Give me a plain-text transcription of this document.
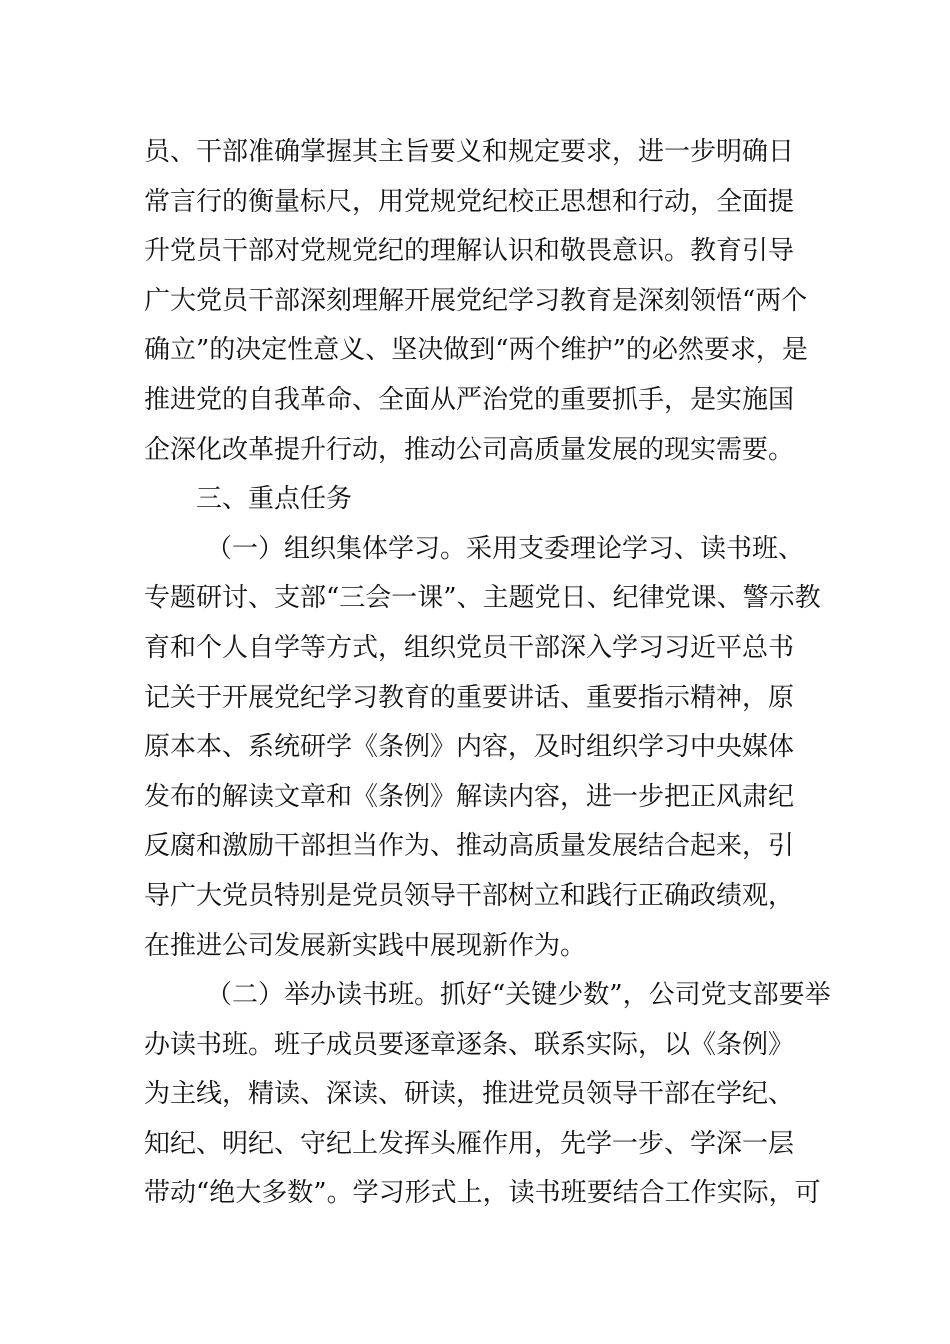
员、干部准确掌握其主旨要义和规定要求，进一步明确日
常言行的衡量标尺，用党规党纪校正思想和行动，全面提
升党员干部对党规党纪的理解认识和敬畏意识。教育引导
广大党员干部深刻理解开展党纪学习教育是深刻领悟“两个
确立”的决定性意义、坚决做到“两个维护”的必然要求，是
推进党的自我革命、全面从严治党的重要抓手，是实施国
企深化改革提升行动，推动公司高质量发展的现实需要。
三、重点任务
（一）组织集体学习。采用支委理论学习、读书班、
专题研讨、支部“三会一课”、主题党日、纪律党课、警示教
育和个人自学等方式，组织党员干部深入学习习近平总书
记关于开展党纪学习教育的重要讲话、重要指示精神，原
原本本、系统研学《条例》内容，及时组织学习中央媒体
发布的解读文章和《条例》解读内容，进一步把正风肃纪
反腐和激励干部担当作为、推动高质量发展结合起来，引
导广大党员特别是党员领导干部树立和践行正确政绩观，
在推进公司发展新实践中展现新作为。
（二）举办读书班。抓好“关键少数”，公司党支部要举
办读书班。班子成员要逐章逐条、联系实际，以《条例》
为主线，精读、深读、研读，推进党员领导干部在学纪、
知纪、明纪、守纪上发挥头雁作用，先学一步、学深一层
带动“绝大多数”。学习形式上，读书班要结合工作实际，可
